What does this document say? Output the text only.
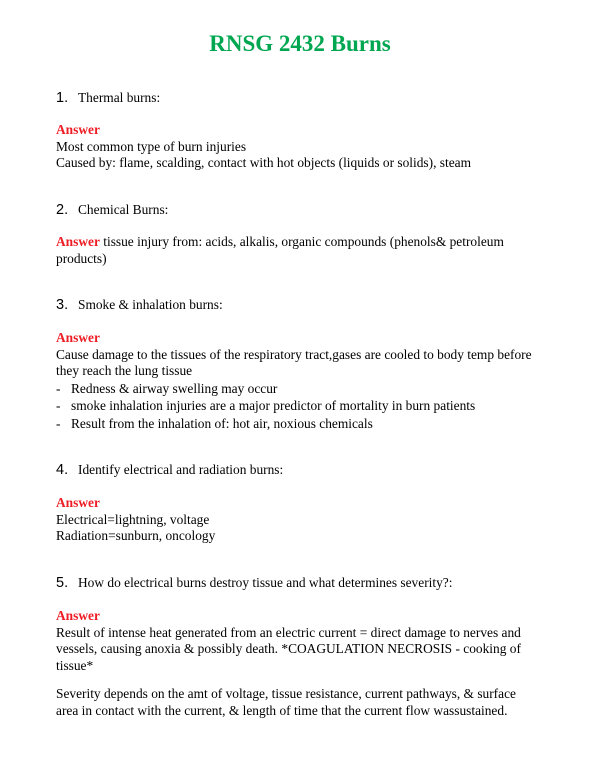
RNSG 2432 Burns
1. Thermal burns:
Answer
Most common type of burn injuries
Caused by: flame, scalding, contact with hot objects (liquids or solids), steam
2. Chemical Burns:
Answer tissue injury from: acids, alkalis, organic compounds (phenols& petroleum products)
3. Smoke & inhalation burns:
Answer
Cause damage to the tissues of the respiratory tract,gases are cooled to body temp before they reach the lung tissue
- Redness & airway swelling may occur
- smoke inhalation injuries are a major predictor of mortality in burn patients
- Result from the inhalation of: hot air, noxious chemicals
4. Identify electrical and radiation burns:
Answer
Electrical=lightning, voltage
Radiation=sunburn, oncology
5. How do electrical burns destroy tissue and what determines severity?:
Answer
Result of intense heat generated from an electric current = direct damage to nerves and vessels, causing anoxia & possibly death. *COAGULATION NECROSIS - cooking of tissue*
Severity depends on the amt of voltage, tissue resistance, current pathways, & surface area in contact with the current, & length of time that the current flow wassustained.
